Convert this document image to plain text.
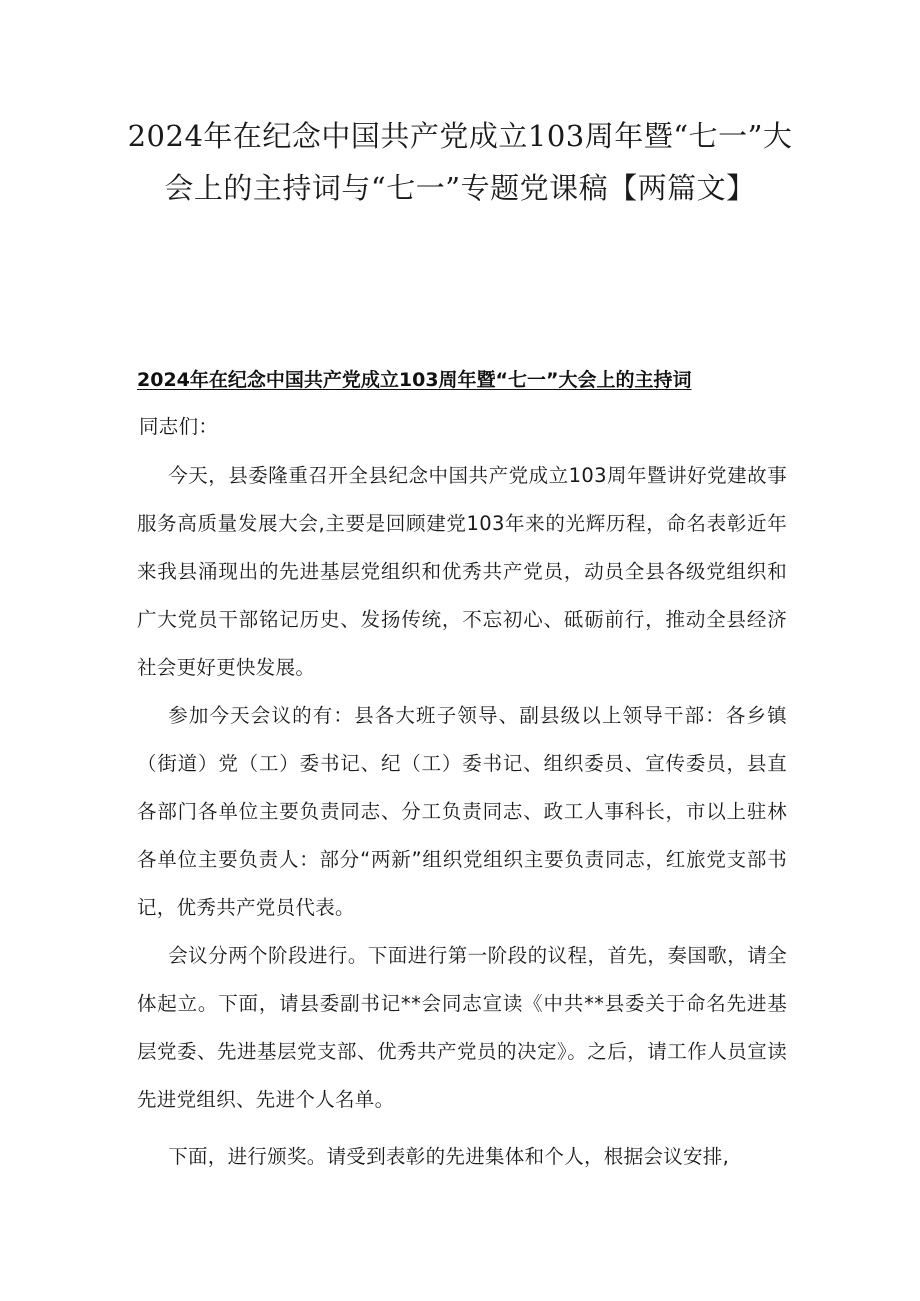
2024年在纪念中国共产党成立103周年暨“七一”大
会上的主持词与“七一”专题党课稿【两篇文】
2024年在纪念中国共产党成立103周年暨“七一”大会上的主持词
同志们：

今天，县委隆重召开全县纪念中国共产党成立103周年暨讲好党建故事服务高质量发展大会,主要是回顾建党103年来的光辉历程，命名表彰近年来我县涌现出的先进基层党组织和优秀共产党员，动员全县各级党组织和广大党员干部铭记历史、发扬传统，不忘初心、砥砺前行，推动全县经济社会更好更快发展。

参加今天会议的有：县各大班子领导、副县级以上领导干部：各乡镇（街道）党（工）委书记、纪（工）委书记、组织委员、宣传委员，县直各部门各单位主要负责同志、分工负责同志、政工人事科长，市以上驻林各单位主要负责人：部分“两新”组织党组织主要负责同志，红旅党支部书记，优秀共产党员代表。

会议分两个阶段进行。下面进行第一阶段的议程，首先，奏国歌，请全体起立。下面，请县委副书记**会同志宣读《中共**县委关于命名先进基层党委、先进基层党支部、优秀共产党员的决定》。之后，请工作人员宣读先进党组织、先进个人名单。

下面，进行颁奖。请受到表彰的先进集体和个人，根据会议安排,
